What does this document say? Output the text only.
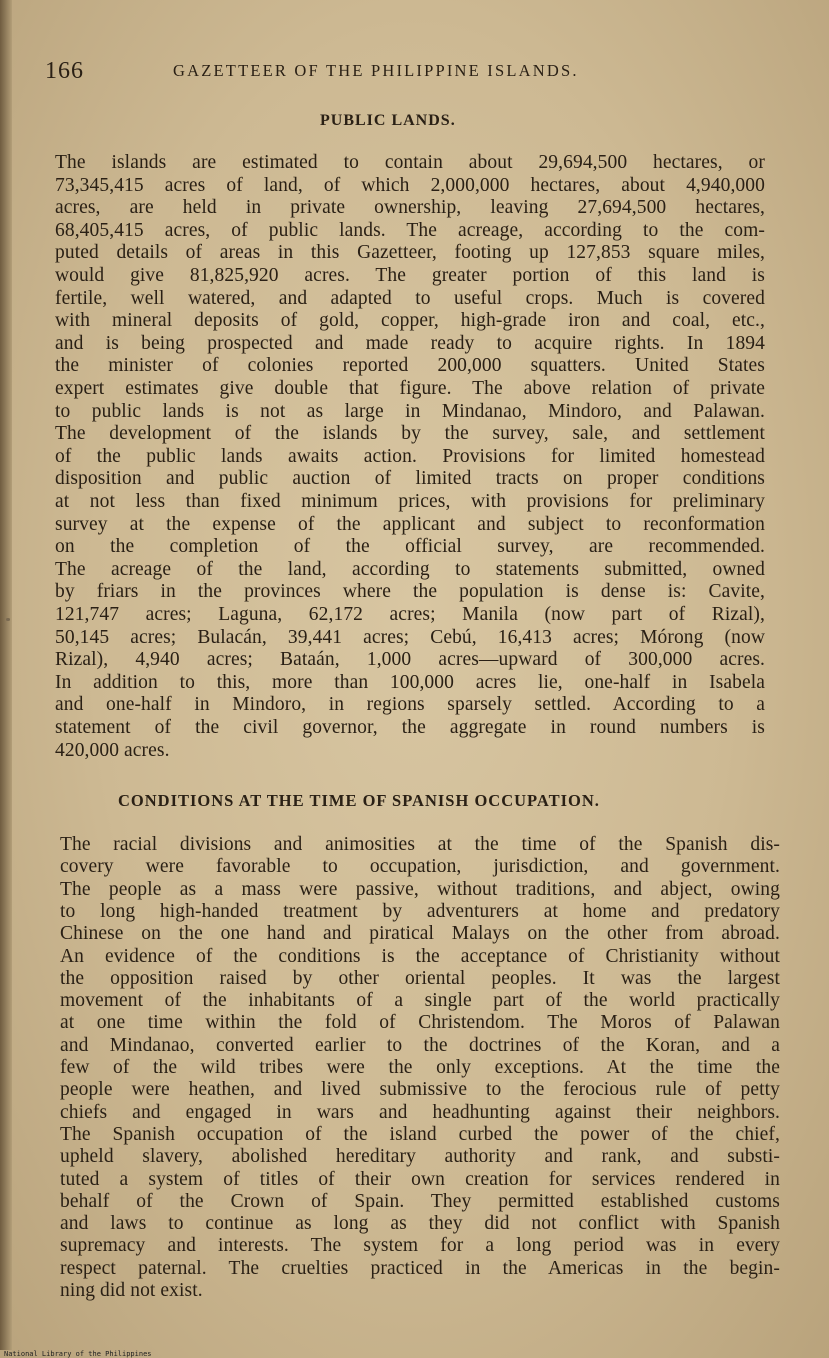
166	GAZETTEER OF THE PHILIPPINE ISLANDS.
PUBLIC LANDS.
The islands are estimated to contain about 29,694,500 hectares, or
73,345,415 acres of land, of which 2,000,000 hectares, about 4,940,000
acres, are held in private ownership, leaving 27,694,500 hectares,
68,405,415 acres, of public lands. The acreage, according to the com-
puted details of areas in this Gazetteer, footing up 127,853 square miles,
would give 81,825,920 acres. The greater portion of this land is
fertile, well watered, and adapted to useful crops. Much is covered
with mineral deposits of gold, copper, high-grade iron and coal, etc.,
and is being prospected and made ready to acquire rights. In 1894
the minister of colonies reported 200,000 squatters. United States
expert estimates give double that figure. The above relation of private
to public lands is not as large in Mindanao, Mindoro, and Palawan.
The development of the islands by the survey, sale, and settlement
of the public lands awaits action. Provisions for limited homestead
disposition and public auction of limited tracts on proper conditions
at not less than fixed minimum prices, with provisions for preliminary
survey at the expense of the applicant and subject to reconformation
on the completion of the official survey, are recommended.
The acreage of the land, according to statements submitted, owned
by friars in the provinces where the population is dense is: Cavite,
121,747 acres; Laguna, 62,172 acres; Manila (now part of Rizal),
50,145 acres; Bulacán, 39,441 acres; Cebú, 16,413 acres; Mórong (now
Rizal), 4,940 acres; Bataán, 1,000 acres—upward of 300,000 acres.
In addition to this, more than 100,000 acres lie, one-half in Isabela
and one-half in Mindoro, in regions sparsely settled. According to a
statement of the civil governor, the aggregate in round numbers is
420,000 acres.
CONDITIONS AT THE TIME OF SPANISH OCCUPATION.
The racial divisions and animosities at the time of the Spanish dis-
covery were favorable to occupation, jurisdiction, and government.
The people as a mass were passive, without traditions, and abject, owing
to long high-handed treatment by adventurers at home and predatory
Chinese on the one hand and piratical Malays on the other from abroad.
An evidence of the conditions is the acceptance of Christianity without
the opposition raised by other oriental peoples. It was the largest
movement of the inhabitants of a single part of the world practically
at one time within the fold of Christendom. The Moros of Palawan
and Mindanao, converted earlier to the doctrines of the Koran, and a
few of the wild tribes were the only exceptions. At the time the
people were heathen, and lived submissive to the ferocious rule of petty
chiefs and engaged in wars and headhunting against their neighbors.
The Spanish occupation of the island curbed the power of the chief,
upheld slavery, abolished hereditary authority and rank, and substi-
tuted a system of titles of their own creation for services rendered in
behalf of the Crown of Spain. They permitted established customs
and laws to continue as long as they did not conflict with Spanish
supremacy and interests. The system for a long period was in every
respect paternal. The cruelties practiced in the Americas in the begin-
ning did not exist.
National Library of the Philippines
